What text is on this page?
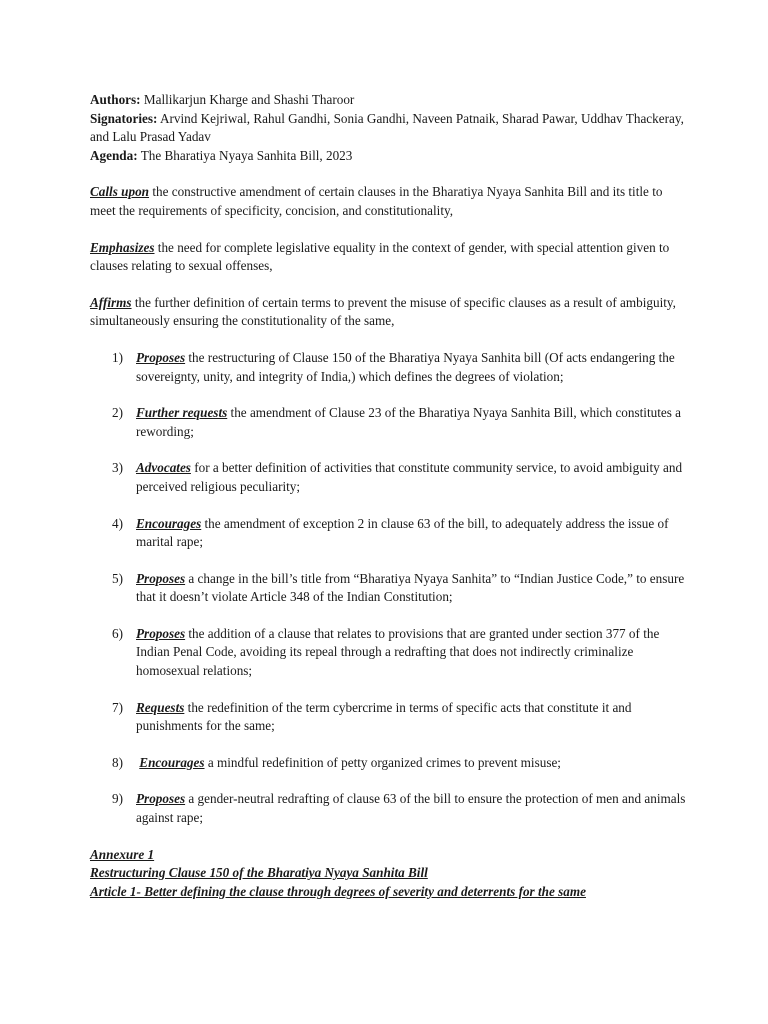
Authors: Mallikarjun Kharge and Shashi Tharoor
Signatories: Arvind Kejriwal, Rahul Gandhi, Sonia Gandhi, Naveen Patnaik, Sharad Pawar, Uddhav Thackeray, and Lalu Prasad Yadav
Agenda: The Bharatiya Nyaya Sanhita Bill, 2023

Calls upon the constructive amendment of certain clauses in the Bharatiya Nyaya Sanhita Bill and its title to meet the requirements of specificity, concision, and constitutionality,

Emphasizes the need for complete legislative equality in the context of gender, with special attention given to clauses relating to sexual offenses,

Affirms the further definition of certain terms to prevent the misuse of specific clauses as a result of ambiguity, simultaneously ensuring the constitutionality of the same,

1) Proposes the restructuring of Clause 150 of the Bharatiya Nyaya Sanhita bill (Of acts endangering the sovereignty, unity, and integrity of India,) which defines the degrees of violation;
2) Further requests the amendment of Clause 23 of the Bharatiya Nyaya Sanhita Bill, which constitutes a rewording;
3) Advocates for a better definition of activities that constitute community service, to avoid ambiguity and perceived religious peculiarity;
4) Encourages the amendment of exception 2 in clause 63 of the bill, to adequately address the issue of marital rape;
5) Proposes a change in the bill’s title from “Bharatiya Nyaya Sanhita” to “Indian Justice Code,” to ensure that it doesn’t violate Article 348 of the Indian Constitution;
6) Proposes the addition of a clause that relates to provisions that are granted under section 377 of the Indian Penal Code, avoiding its repeal through a redrafting that does not indirectly criminalize homosexual relations;
7) Requests the redefinition of the term cybercrime in terms of specific acts that constitute it and punishments for the same;
8) Encourages a mindful redefinition of petty organized crimes to prevent misuse;
9) Proposes a gender-neutral redrafting of clause 63 of the bill to ensure the protection of men and animals against rape;
Annexure 1
Restructuring Clause 150 of the Bharatiya Nyaya Sanhita Bill
Article 1- Better defining the clause through degrees of severity and deterrents for the same
